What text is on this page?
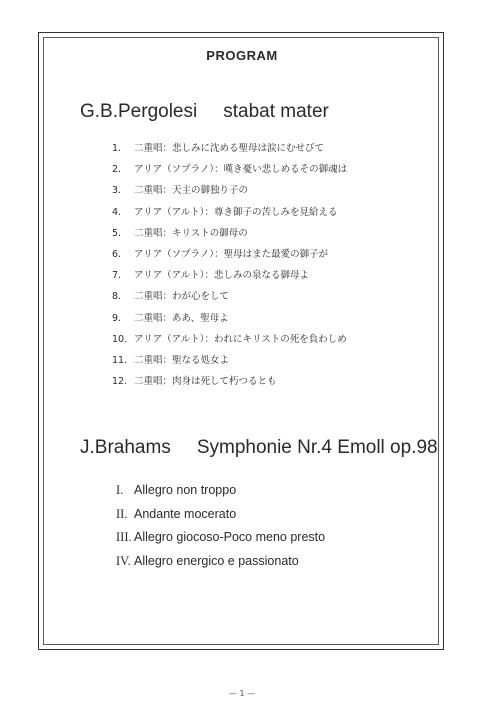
PROGRAM
G.B.Pergolesi stabat mater
1. 二重唱：悲しみに沈める聖母は涙にむせびて
2. アリア（ソプラノ）：嘆き憂い悲しめるその御魂は
3. 二重唱：天主の御独り子の
4. アリア（アルト）：尊き御子の苦しみを見給える
5. 二重唱：キリストの御母の
6. アリア（ソプラノ）：聖母はまた最愛の御子が
7. アリア（アルト）：悲しみの泉なる御母よ
8. 二重唱：わが心をして
9. 二重唱：ああ、聖母よ
10. アリア（アルト）：われにキリストの死を負わしめ
11. 二重唱：聖なる処女よ
12. 二重唱：肉身は死して朽つるとも
J.Brahams Symphonie Nr.4 Emoll op.98
I. Allegro non troppo
II. Andante mocerato
III. Allegro giocoso-Poco meno presto
IV. Allegro energico e passionato
— 1 —
